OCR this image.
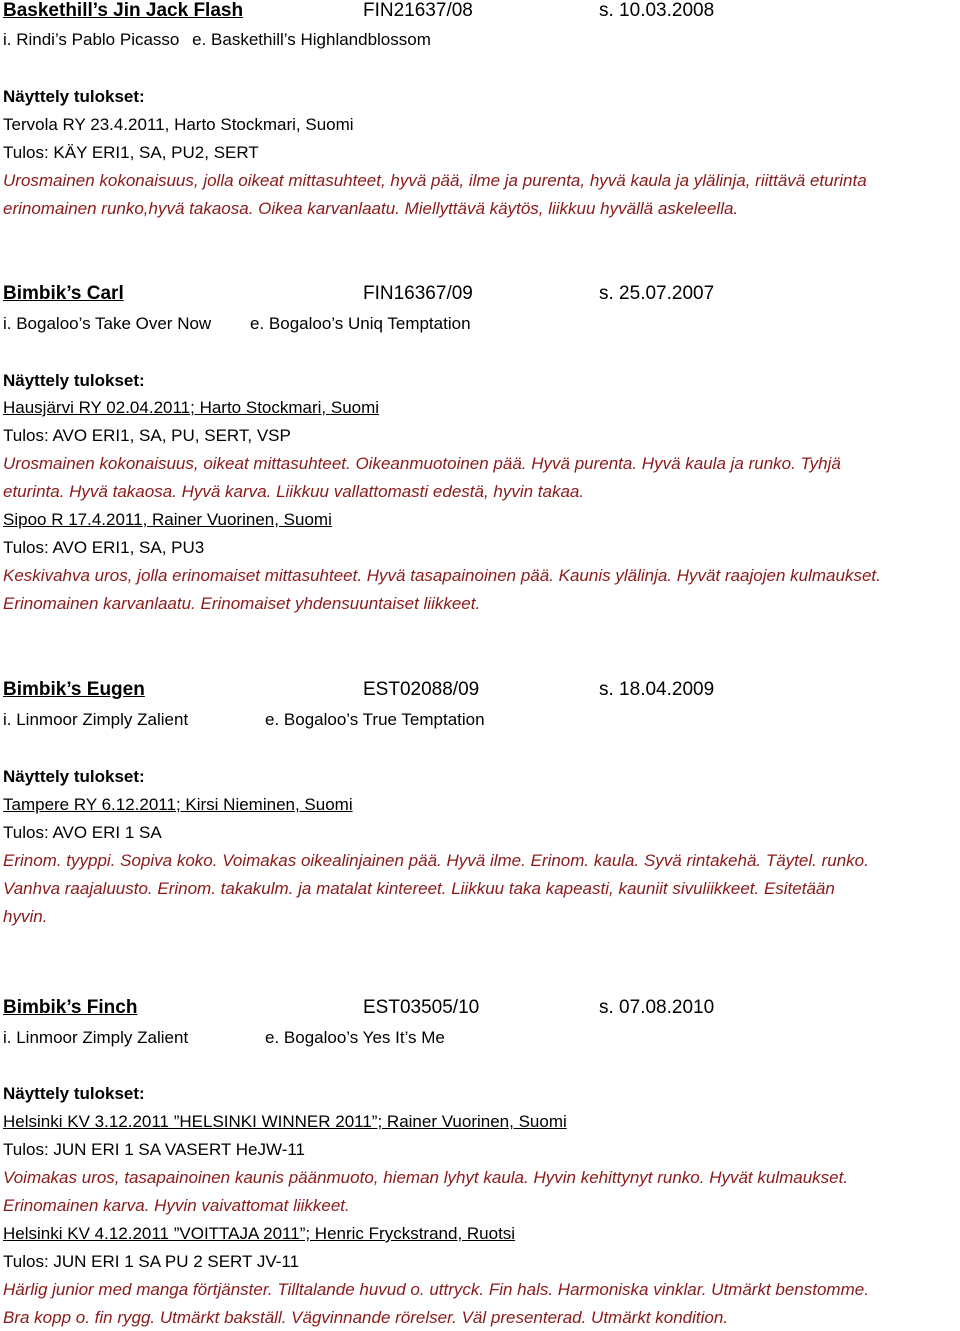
Baskethill’s Jin Jack Flash	FIN21637/08	s. 10.03.2008
i. Rindi’s Pablo Picasso e. Baskethill’s Highlandblossom
Näyttely tulokset:
Tervola RY 23.4.2011, Harto Stockmari, Suomi
Tulos: KÄY ERI1, SA, PU2, SERT
Urosmainen kokonaisuus, jolla oikeat mittasuhteet, hyvä pää, ilme ja purenta, hyvä kaula ja ylälinja, riittävä eturinta
erinomainen runko,hyvä takaosa. Oikea karvanlaatu. Miellyttävä käytös, liikkuu hyvällä askeleella.
Bimbik’s Carl	FIN16367/09	s. 25.07.2007
i. Bogaloo’s Take Over Now e. Bogaloo’s Uniq Temptation
Näyttely tulokset:
Hausjärvi RY 02.04.2011; Harto Stockmari, Suomi
Tulos: AVO ERI1, SA, PU, SERT, VSP
Urosmainen kokonaisuus, oikeat mittasuhteet. Oikeanmuotoinen pää. Hyvä purenta. Hyvä kaula ja runko. Tyhjä
eturinta. Hyvä takaosa. Hyvä karva. Liikkuu vallattomasti edestä, hyvin takaa.
Sipoo R 17.4.2011, Rainer Vuorinen, Suomi
Tulos: AVO ERI1, SA, PU3
Keskivahva uros, jolla erinomaiset mittasuhteet. Hyvä tasapainoinen pää. Kaunis ylälinja. Hyvät raajojen kulmaukset.
Erinomainen karvanlaatu. Erinomaiset yhdensuuntaiset liikkeet.
Bimbik’s Eugen	EST02088/09	s. 18.04.2009
i. Linmoor Zimply Zalient	e. Bogaloo’s True Temptation
Näyttely tulokset:
Tampere RY 6.12.2011; Kirsi Nieminen, Suomi
Tulos: AVO ERI 1 SA
Erinom. tyyppi. Sopiva koko. Voimakas oikealinjainen pää. Hyvä ilme. Erinom. kaula. Syvä rintakehä. Täytel. runko.
Vanhva raajaluusto. Erinom. takakulm. ja matalat kintereet. Liikkuu taka kapeasti, kauniit sivuliikkeet. Esitetään
hyvin.
Bimbik’s Finch	EST03505/10	s. 07.08.2010
i. Linmoor Zimply Zalient	e. Bogaloo’s Yes It’s Me
Näyttely tulokset:
Helsinki KV 3.12.2011 ”HELSINKI WINNER 2011”; Rainer Vuorinen, Suomi
Tulos: JUN ERI 1 SA VASERT HeJW-11
Voimakas uros, tasapainoinen kaunis päänmuoto, hieman lyhyt kaula. Hyvin kehittynyt runko. Hyvät kulmaukset.
Erinomainen karva. Hyvin vaivattomat liikkeet.
Helsinki KV 4.12.2011 ”VOITTAJA 2011”; Henric Fryckstrand, Ruotsi
Tulos: JUN ERI 1 SA PU 2 SERT JV-11
Härlig junior med manga förtjänster. Tilltalande huvud o. uttryck. Fin hals. Harmoniska vinklar. Utmärkt benstomme.
Bra kopp o. fin rygg. Utmärkt bakställ. Vägvinnande rörelser. Väl presenterad. Utmärkt kondition.
